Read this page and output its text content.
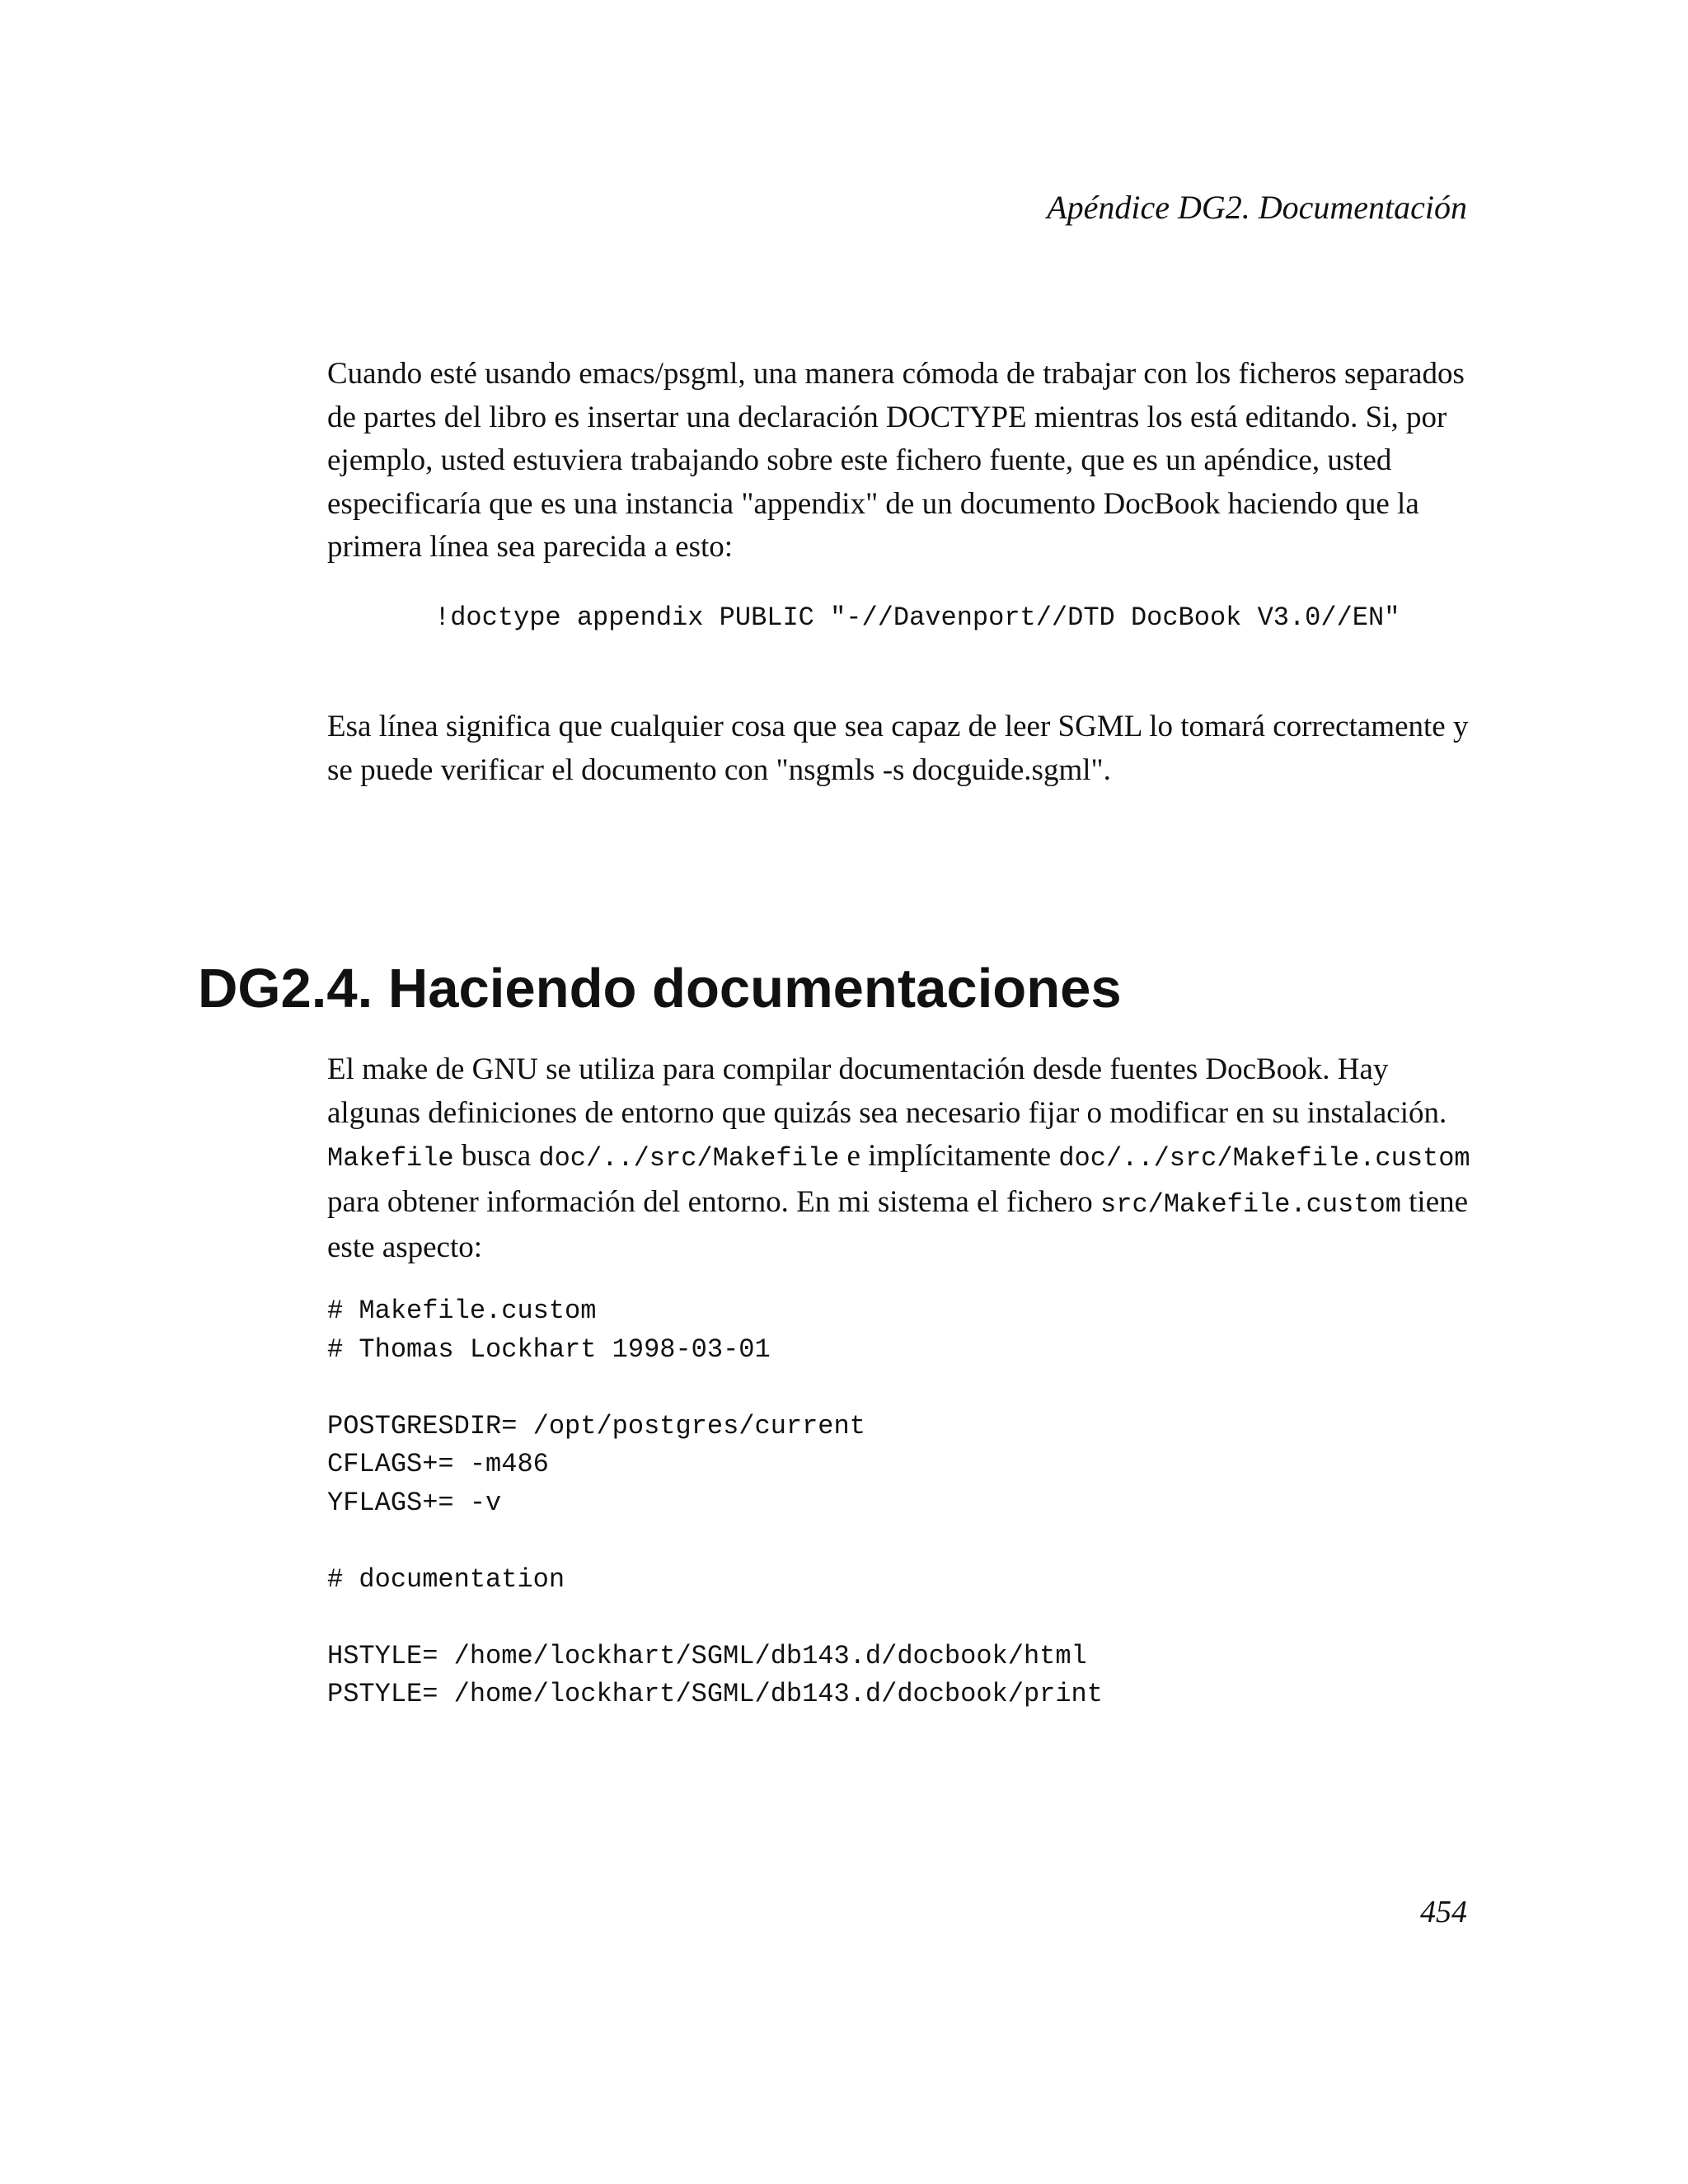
Apéndice DG2. Documentación

Cuando esté usando emacs/psgml, una manera cómoda de trabajar con los ficheros separados de partes del libro es insertar una declaración DOCTYPE mientras los está editando. Si, por ejemplo, usted estuviera trabajando sobre este fichero fuente, que es un apéndice, usted especificaría que es una instancia "appendix" de un documento DocBook haciendo que la primera línea sea parecida a esto:

!doctype appendix PUBLIC "-//Davenport//DTD DocBook V3.0//EN"

Esa línea significa que cualquier cosa que sea capaz de leer SGML lo tomará correctamente y se puede verificar el documento con "nsgmls -s docguide.sgml".

DG2.4. Haciendo documentaciones

El make de GNU se utiliza para compilar documentación desde fuentes DocBook. Hay algunas definiciones de entorno que quizás sea necesario fijar o modificar en su instalación. Makefile busca doc/../src/Makefile e implícitamente doc/../src/Makefile.custom para obtener información del entorno. En mi sistema el fichero src/Makefile.custom tiene este aspecto:

# Makefile.custom
# Thomas Lockhart 1998-03-01
POSTGRESDIR= /opt/postgres/current
CFLAGS+= -m486
YFLAGS+= -v
# documentation
HSTYLE= /home/lockhart/SGML/db143.d/docbook/html
PSTYLE= /home/lockhart/SGML/db143.d/docbook/print
454
